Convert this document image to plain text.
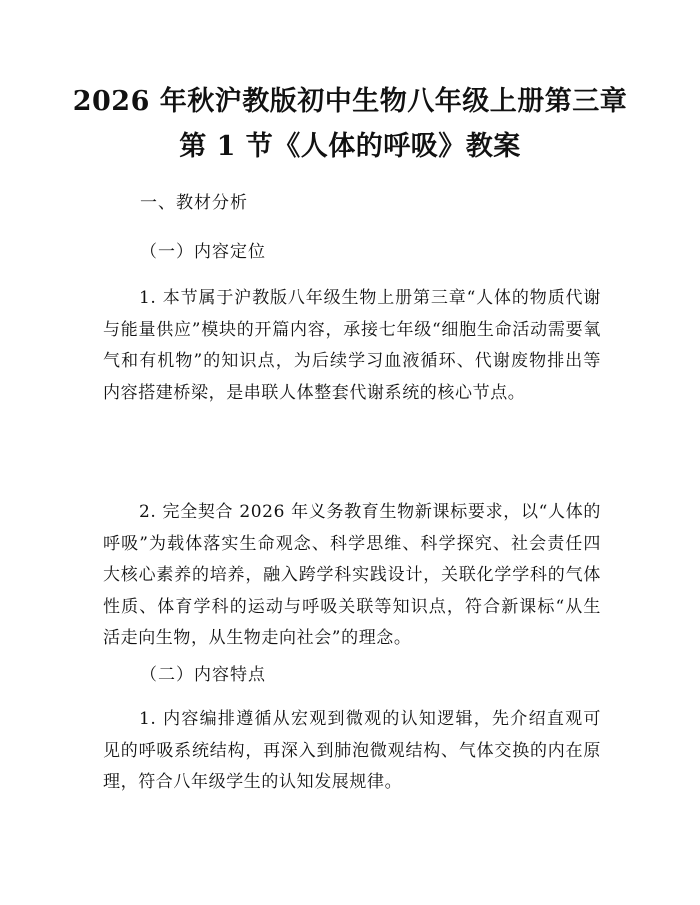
2026 年秋沪教版初中生物八年级上册第三章
第 1 节《人体的呼吸》教案
一、教材分析
（一）内容定位

1. 本节属于沪教版八年级生物上册第三章“人体的物质代谢与能量供应”模块的开篇内容，承接七年级“细胞生命活动需要氧气和有机物”的知识点，为后续学习血液循环、代谢废物排出等内容搭建桥梁，是串联人体整套代谢系统的核心节点。

2. 完全契合 2026 年义务教育生物新课标要求，以“人体的呼吸”为载体落实生命观念、科学思维、科学探究、社会责任四大核心素养的培养，融入跨学科实践设计，关联化学学科的气体性质、体育学科的运动与呼吸关联等知识点，符合新课标“从生活走向生物，从生物走向社会”的理念。

（二）内容特点

1. 内容编排遵循从宏观到微观的认知逻辑，先介绍直观可见的呼吸系统结构，再深入到肺泡微观结构、气体交换的内在原理，符合八年级学生的认知发展规律。
